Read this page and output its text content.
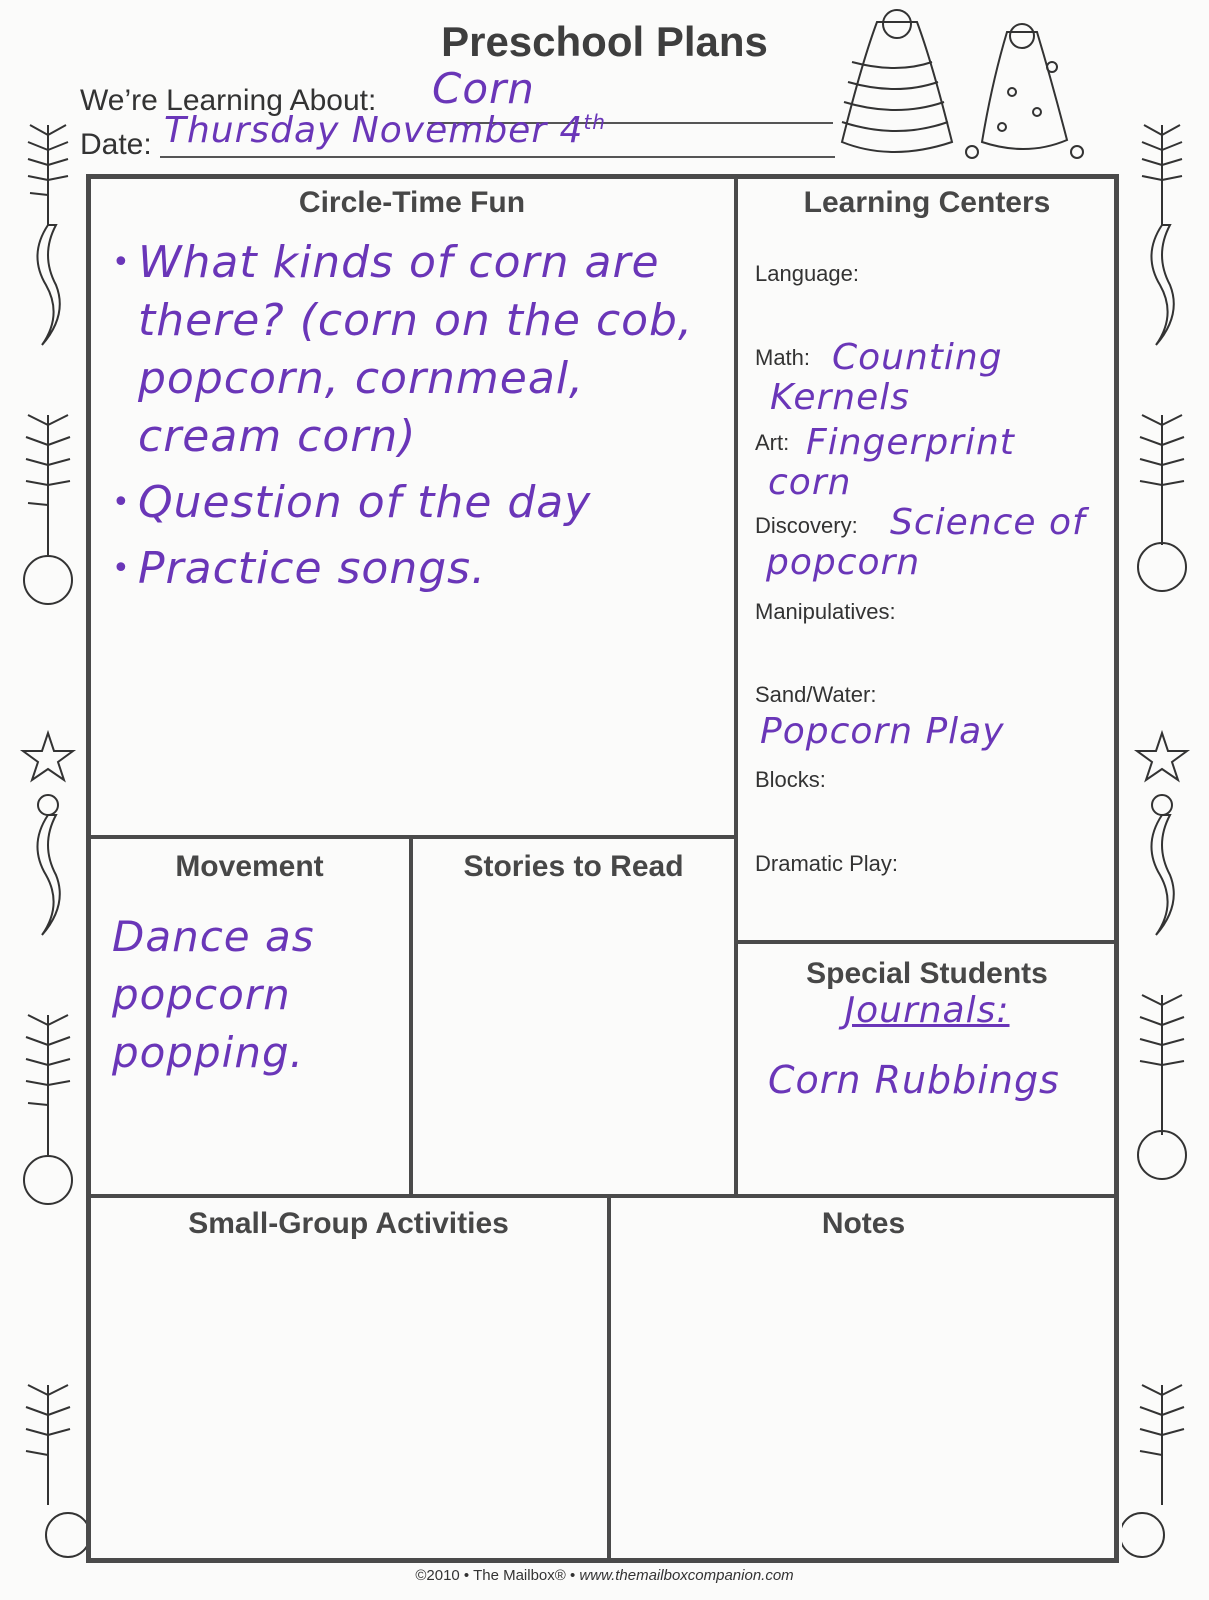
Preschool Plans
We’re Learning About: Corn
Date: Thursday November 4th
Circle-Time Fun
• What kinds of corn are there? (corn on the cob, popcorn, cornmeal, cream corn)
• Question of the day
• Practice songs.
Learning Centers
Language:
Math: Counting Kernels
Art: Fingerprint corn
Discovery: Science of popcorn
Manipulatives:
Sand/Water:
Popcorn Play
Blocks:
Dramatic Play:
Movement
Dance as popcorn popping.
Stories to Read
Special Students
Journals:
Corn Rubbings
Small-Group Activities	Notes
©2010 • The Mailbox® • www.themailboxcompanion.com
